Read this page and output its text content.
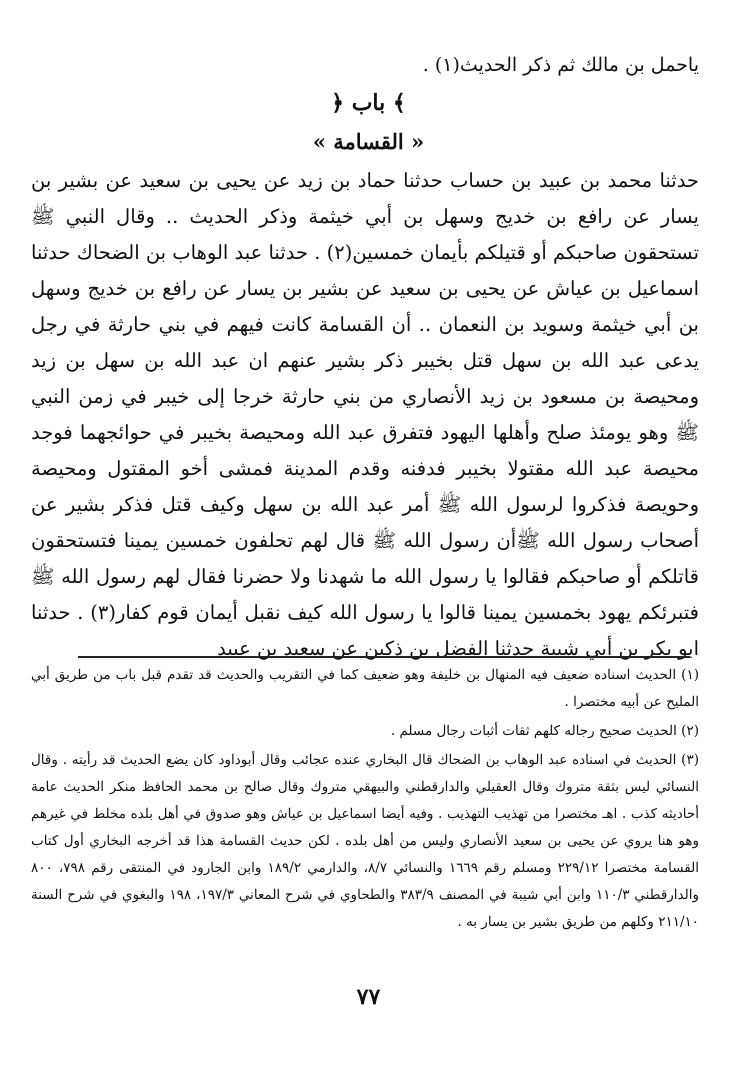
ياحمل بن مالك ثم ذكر الحديث(١) .
﴿ باب ﴾
« القسامة »
حدثنا محمد بن عبيد بن حساب حدثنا حماد بن زيد عن يحيى بن سعيد عن بشير بن يسار عن رافع بن خديج وسهل بن أبي خيثمة وذكر الحديث .. وقال النبي ﷺ تستحقون صاحبكم أو قتيلكم بأيمان خمسين(٢) . حدثنا عبد الوهاب بن الضحاك حدثنا اسماعيل بن عياش عن يحيى بن سعيد عن بشير بن يسار عن رافع بن خديج وسهل بن أبي خيثمة وسويد بن النعمان .. أن القسامة كانت فيهم في بني حارثة في رجل يدعى عبد الله بن سهل قتل بخيبر ذكر بشير عنهم ان عبد الله بن سهل بن زيد ومحيصة بن مسعود بن زيد الأنصاري من بني حارثة خرجا إلى خيبر في زمن النبي ﷺ وهو يومئذ صلح وأهلها اليهود فتفرق عبد الله ومحيصة بخيبر في حوائجهما فوجد محيصة عبد الله مقتولا بخيبر فدفنه وقدم المدينة فمشى أخو المقتول ومحيصة وحويصة فذكروا لرسول الله ﷺ أمر عبد الله بن سهل وكيف قتل فذكر بشير عن أصحاب رسول الله ﷺأن رسول الله ﷺ قال لهم تحلفون خمسين يمينا فتستحقون قاتلكم أو صاحبكم فقالوا يا رسول الله ما شهدنا ولا حضرنا فقال لهم رسول الله ﷺ فتبرئكم يهود بخمسين يمينا قالوا يا رسول الله كيف نقبل أيمان قوم كفار(٣) . حدثنا ابو بكر بن أبي شيبة حدثنا الفضل بن ذكين عن سعيد بن عبيد

(١) الحديث اسناده ضعيف فيه المنهال بن خليفة وهو ضعيف كما في التقريب والحديث قد تقدم قبل باب من طريق أبي المليح عن أبيه مختصرا .

(٢) الحديث صحيح رجاله كلهم ثقات أثبات رجال مسلم .

(٣) الحديث في اسناده عبد الوهاب بن الضحاك قال البخاري عنده عجائب وقال أبوداود كان يضع الحديث قد رأيته . وقال النسائي ليس بثقة متروك وقال العقيلي والدارقطني والبيهقي متروك وقال صالح بن محمد الحافظ منكر الحديث عامة أحاديثه كذب . اهـ مختصرا من تهذيب التهذيب . وفيه أيضا اسماعيل بن عياش وهو صدوق في أهل بلده مخلط في غيرهم وهو هنا يروي عن يحيى بن سعيد الأنصاري وليس من أهل بلده . لكن حديث القسامة هذا قد أخرجه البخاري أول كتاب القسامة مختصرا ٢٢٩/١٢ ومسلم رقم ١٦٦٩ والنسائي ٨/٧، والدارمي ١٨٩/٢ وابن الجارود في المنتقى رقم ٧٩٨، ٨٠٠ والدارقطني ١١٠/٣ وابن أبي شيبة في المصنف ٣٨٣/٩ والطحاوي في شرح المعاني ١٩٧/٣، ١٩٨ والبغوي في شرح السنة ٢١١/١٠ وكلهم من طريق بشير بن يسار به .

٧٧
